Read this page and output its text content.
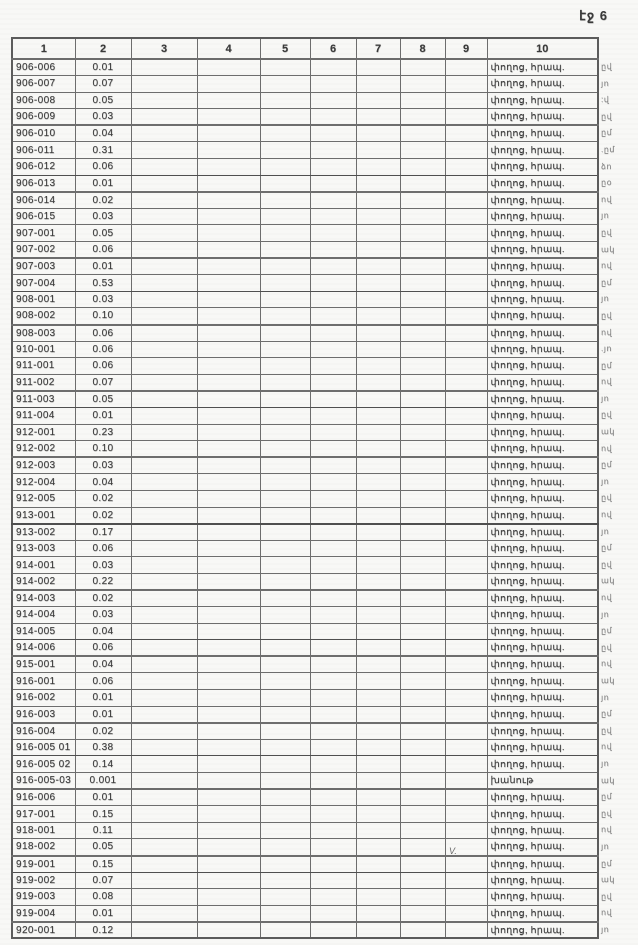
էջ 6
1	2	3	4	5	6	7	8	9	10
906-006	0.01								փողոց, հրապ.
906-007	0.07								փողոց, հրապ.
906-008	0.05								փողոց, հրապ.
906-009	0.03								փողոց, հրապ.
906-010	0.04								փողոց, հրապ.
906-011	0.31								փողոց, հրապ.
906-012	0.06								փողոց, հրապ.
906-013	0.01								փողոց, հրապ.
906-014	0.02								փողոց, հրապ.
906-015	0.03								փողոց, հրապ.
907-001	0.05								փողոց, հրապ.
907-002	0.06								փողոց, հրապ.
907-003	0.01								փողոց, հրապ.
907-004	0.53								փողոց, հրապ.
908-001	0.03								փողոց, հրապ.
908-002	0.10								փողոց, հրապ.
908-003	0.06								փողոց, հրապ.
910-001	0.06								փողոց, հրապ.
911-001	0.06								փողոց, հրապ.
911-002	0.07								փողոց, հրապ.
911-003	0.05								փողոց, հրապ.
911-004	0.01								փողոց, հրապ.
912-001	0.23								փողոց, հրապ.
912-002	0.10								փողոց, հրապ.
912-003	0.03								փողոց, հրապ.
912-004	0.04								փողոց, հրապ.
912-005	0.02								փողոց, հրապ.
913-001	0.02								փողոց, հրապ.
913-002	0.17								փողոց, հրապ.
913-003	0.06								փողոց, հրապ.
914-001	0.03								փողոց, հրապ.
914-002	0.22								փողոց, հրապ.
914-003	0.02								փողոց, հրապ.
914-004	0.03								փողոց, հրապ.
914-005	0.04								փողոց, հրապ.
914-006	0.06								փողոց, հրապ.
915-001	0.04								փողոց, հրապ.
916-001	0.06								փողոց, հրապ.
916-002	0.01								փողոց, հրապ.
916-003	0.01								փողոց, հրապ.
916-004	0.02								փողոց, հրապ.
916-005 01	0.38								փողոց, հրապ.
916-005 02	0.14								փողոց, հրապ.
916-005-03	0.001								խանութ
916-006	0.01								փողոց, հրապ.
917-001	0.15								փողոց, հրապ.
918-001	0.11								փողոց, հրապ.
918-002	0.05								փողոց, հրապ.
919-001	0.15								փողոց, հրապ.
919-002	0.07								փողոց, հրապ.
919-003	0.08								փողոց, հրապ.
919-004	0.01								փողոց, հրապ.
920-001	0.12								փողոց, հրապ.
ըվ
յո
:վ
ըվ
ըմ
.ըմ
ձո
ըօ
ով
յո
ըվ
ակ
ով
ըմ
յո
ըվ
ով
.յո
ըմ
ով
յո
ըվ
ակ
ով
ըմ
յո
ըվ
ով
յո
ըմ
ըվ
ակ
ով
յո
ըմ
ըվ
ով
ակ
յո
ըմ
ըվ
ով
յո
ակ
ըմ
ըվ
ով
յո
ըմ
ակ
ըվ
ով
յո
V.
